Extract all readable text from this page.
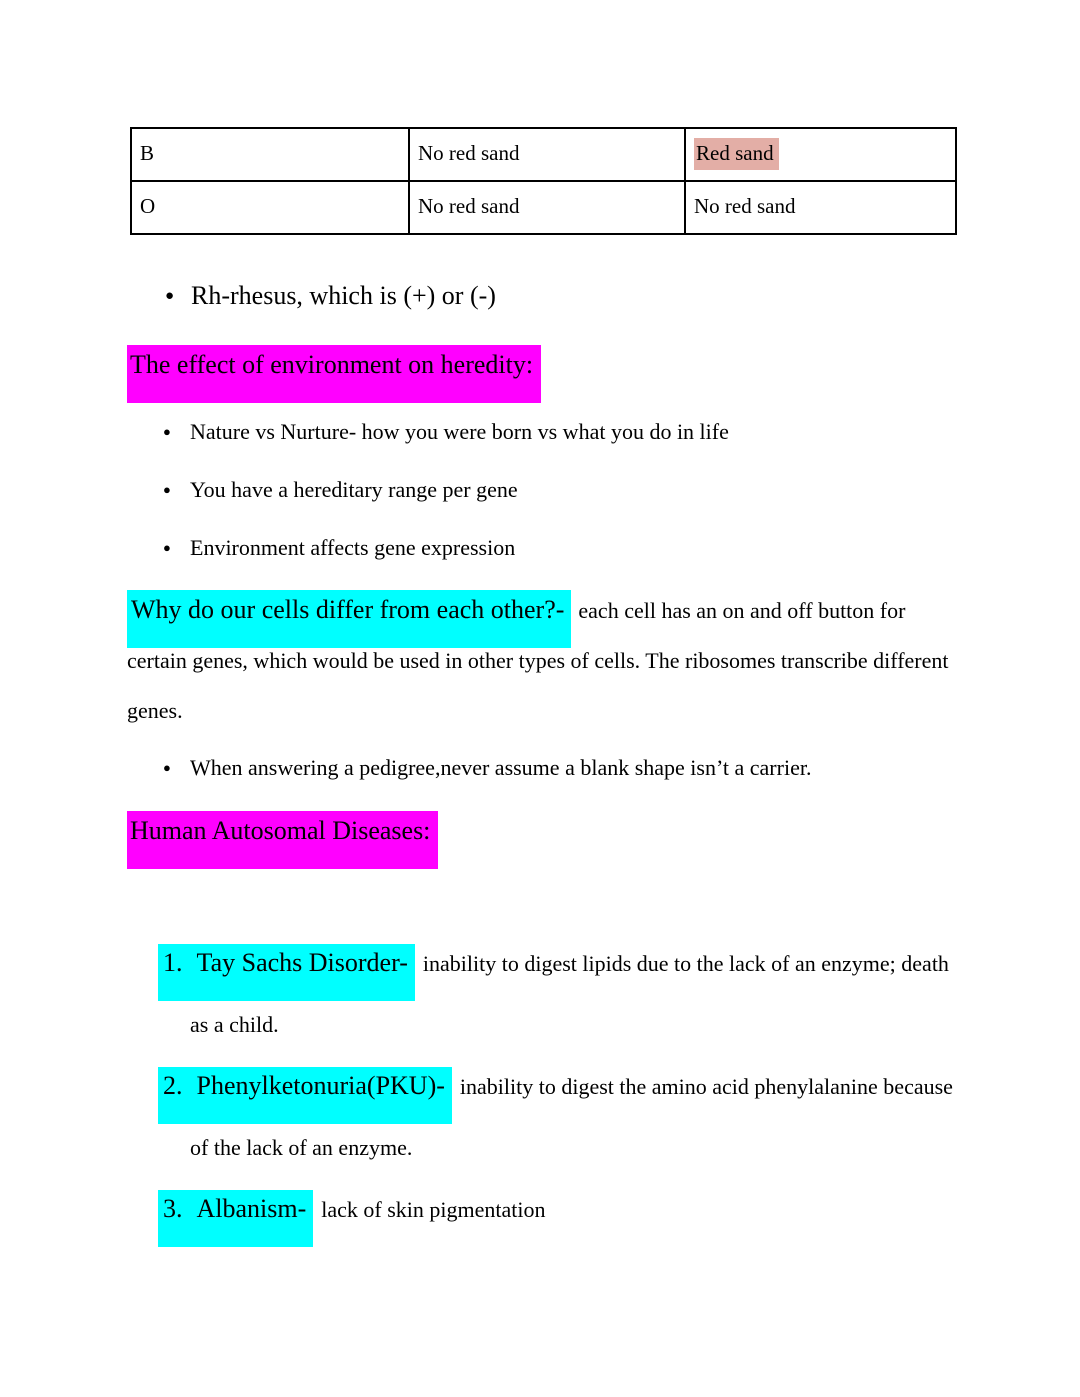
B	No red sand	Red sand
O	No red sand	No red sand
● Rh-rhesus, which is (+) or (-)
The effect of environment on heredity:
● Nature vs Nurture- how you were born vs what you do in life
● You have a hereditary range per gene
● Environment affects gene expression

Why do our cells differ from each other?- each cell has an on and off button for certain genes, which would be used in other types of cells. The ribosomes transcribe different genes.

● When answering a pedigree,never assume a blank shape isn’t a carrier.
Human Autosomal Diseases:
1. Tay Sachs Disorder- inability to digest lipids due to the lack of an enzyme; death as a child.
2. Phenylketonuria(PKU)- inability to digest the amino acid phenylalanine because of the lack of an enzyme.
3. Albanism- lack of skin pigmentation
